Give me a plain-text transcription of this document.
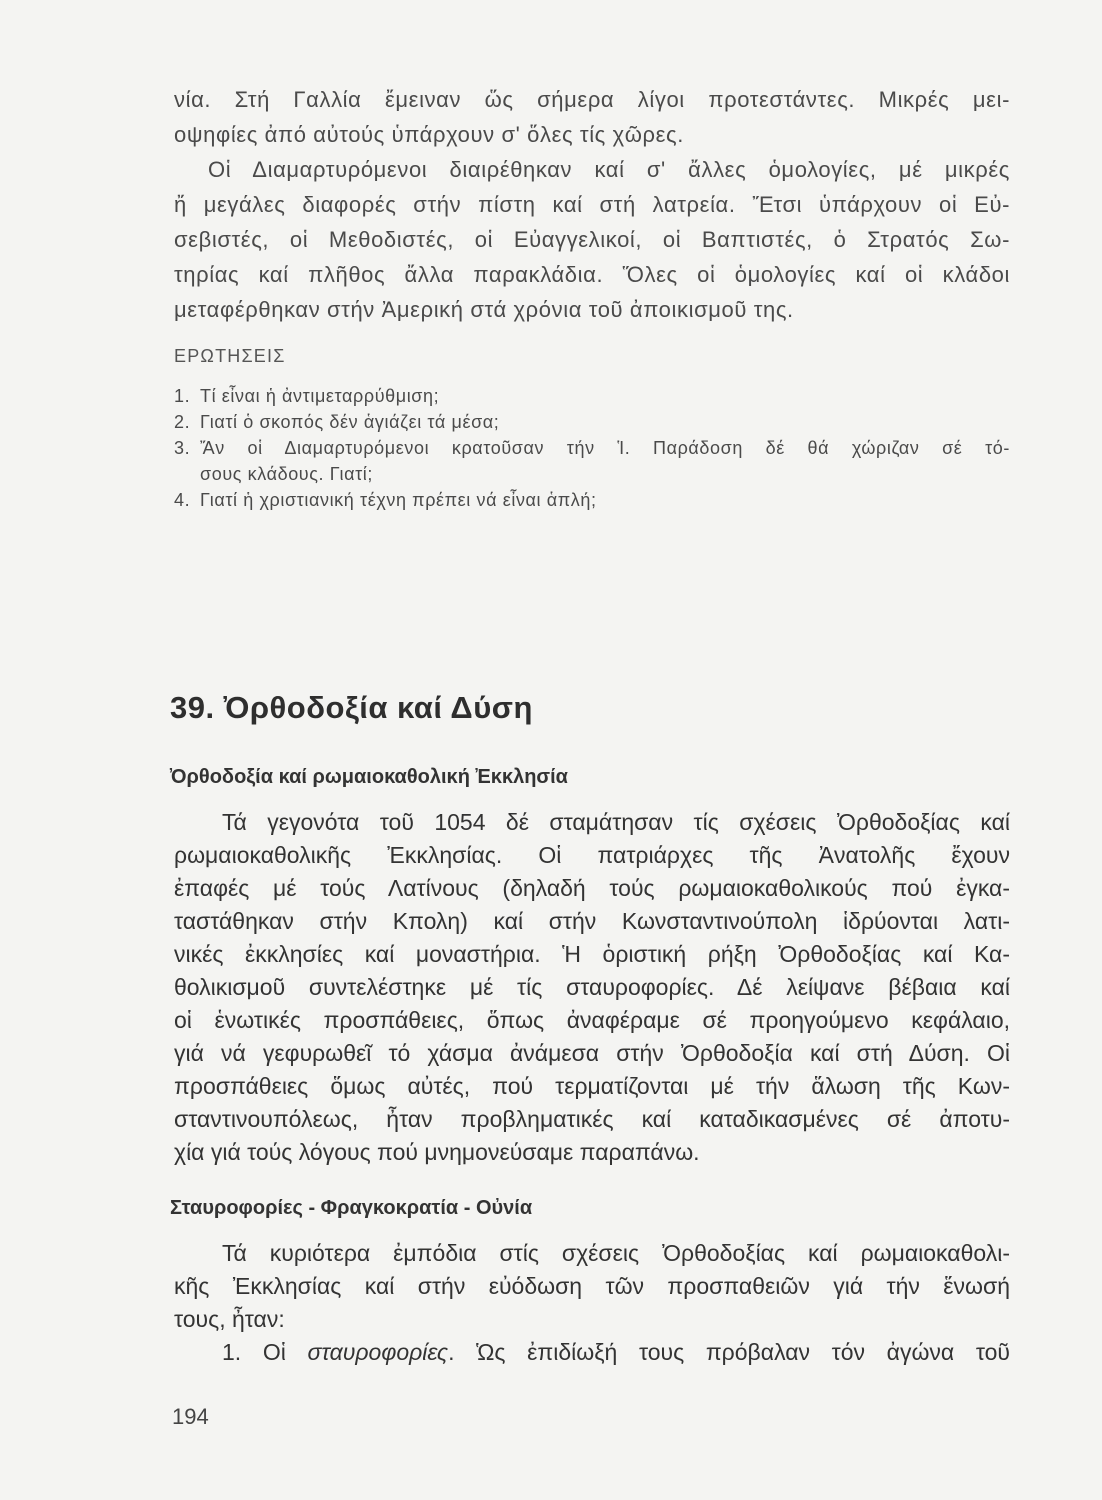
νία. Στή Γαλλία ἔμειναν ὥς σήμερα λίγοι προτεστάντες. Μικρές μει-
οψηφίες ἀπό αὐτούς ὑπάρχουν σ' ὅλες τίς χῶρες.
Οἱ Διαμαρτυρόμενοι διαιρέθηκαν καί σ' ἄλλες ὁμολογίες, μέ μικρές
ἤ μεγάλες διαφορές στήν πίστη καί στή λατρεία. Ἔτσι ὑπάρχουν οἱ Εὐ-
σεβιστές, οἱ Μεθοδιστές, οἱ Εὐαγγελικοί, οἱ Βαπτιστές, ὁ Στρατός Σω-
τηρίας καί πλῆθος ἄλλα παρακλάδια. Ὅλες οἱ ὁμολογίες καί οἱ κλάδοι
μεταφέρθηκαν στήν Ἀμερική στά χρόνια τοῦ ἀποικισμοῦ της.
ΕΡΩΤΗΣΕΙΣ
1. Τί εἶναι ἡ ἀντιμεταρρύθμιση;
2. Γιατί ὁ σκοπός δέν ἁγιάζει τά μέσα;
3. Ἄν οἱ Διαμαρτυρόμενοι κρατοῦσαν τήν Ἱ. Παράδοση δέ θά χώριζαν σέ τό-
σους κλάδους. Γιατί;
4. Γιατί ἡ χριστιανική τέχνη πρέπει νά εἶναι ἁπλή;
39. Ὀρθοδοξία καί Δύση
Ὀρθοδοξία καί ρωμαιοκαθολική Ἐκκλησία
Τά γεγονότα τοῦ 1054 δέ σταμάτησαν τίς σχέσεις Ὀρθοδοξίας καί
ρωμαιοκαθολικῆς Ἐκκλησίας. Οἱ πατριάρχες τῆς Ἀνατολῆς ἔχουν
ἐπαφές μέ τούς Λατίνους (δηλαδή τούς ρωμαιοκαθολικούς πού ἐγκα-
ταστάθηκαν στήν Κπολη) καί στήν Κωνσταντινούπολη ἱδρύονται λατι-
νικές ἐκκλησίες καί μοναστήρια. Ἡ ὁριστική ρήξη Ὀρθοδοξίας καί Κα-
θολικισμοῦ συντελέστηκε μέ τίς σταυροφορίες. Δέ λείψανε βέβαια καί
οἱ ἑνωτικές προσπάθειες, ὅπως ἀναφέραμε σέ προηγούμενο κεφάλαιο,
γιά νά γεφυρωθεῖ τό χάσμα ἀνάμεσα στήν Ὀρθοδοξία καί στή Δύση. Οἱ
προσπάθειες ὅμως αὐτές, πού τερματίζονται μέ τήν ἅλωση τῆς Κων-
σταντινουπόλεως, ἦταν προβληματικές καί καταδικασμένες σέ ἀποτυ-
χία γιά τούς λόγους πού μνημονεύσαμε παραπάνω.
Σταυροφορίες - Φραγκοκρατία - Οὐνία
Τά κυριότερα ἐμπόδια στίς σχέσεις Ὀρθοδοξίας καί ρωμαιοκαθολι-
κῆς Ἐκκλησίας καί στήν εὐόδωση τῶν προσπαθειῶν γιά τήν ἕνωσή
τους, ἦταν:
1. Οἱ σταυροφορίες. Ὡς ἐπιδίωξή τους πρόβαλαν τόν ἀγώνα τοῦ
194
